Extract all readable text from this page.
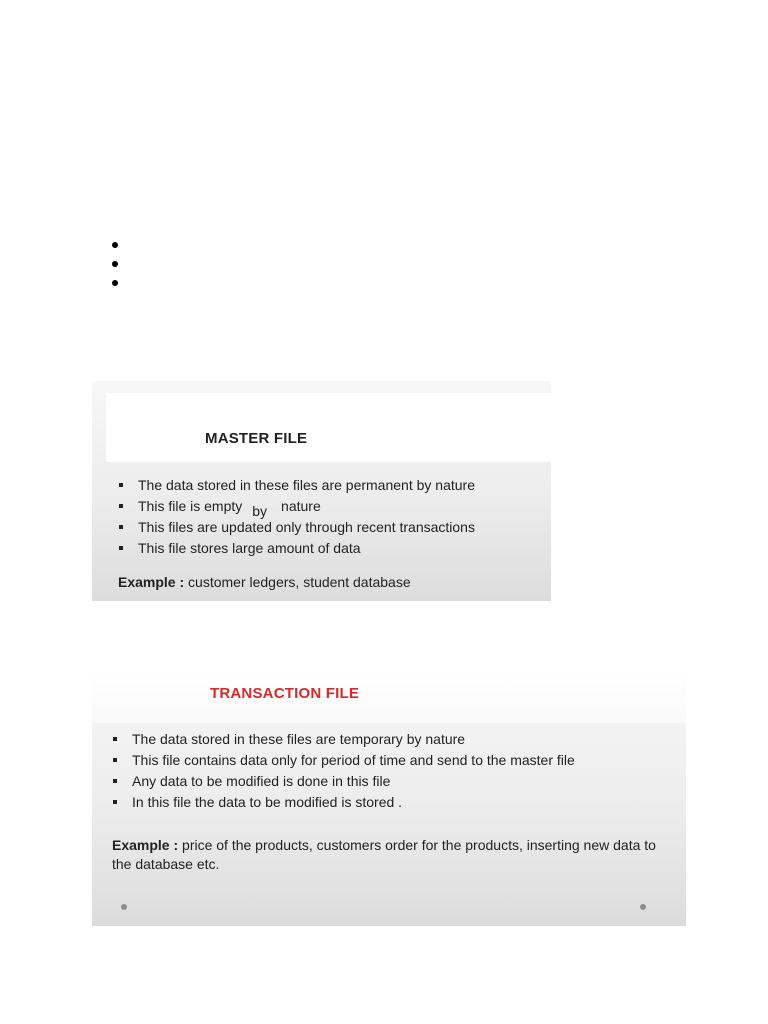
MASTER FILE
The data stored in these files are permanent by nature
This file is empty by nature
This files are updated only through recent transactions
This file stores large amount of data

Example : customer ledgers, student database

TRANSACTION FILE
The data stored in these files are temporary by nature
This file contains data only for period of time and send to the master file
Any data to be modified is done in this file
In this file the data to be modified is stored .

Example : price of the products, customers order for the products, inserting new data to the database etc.
